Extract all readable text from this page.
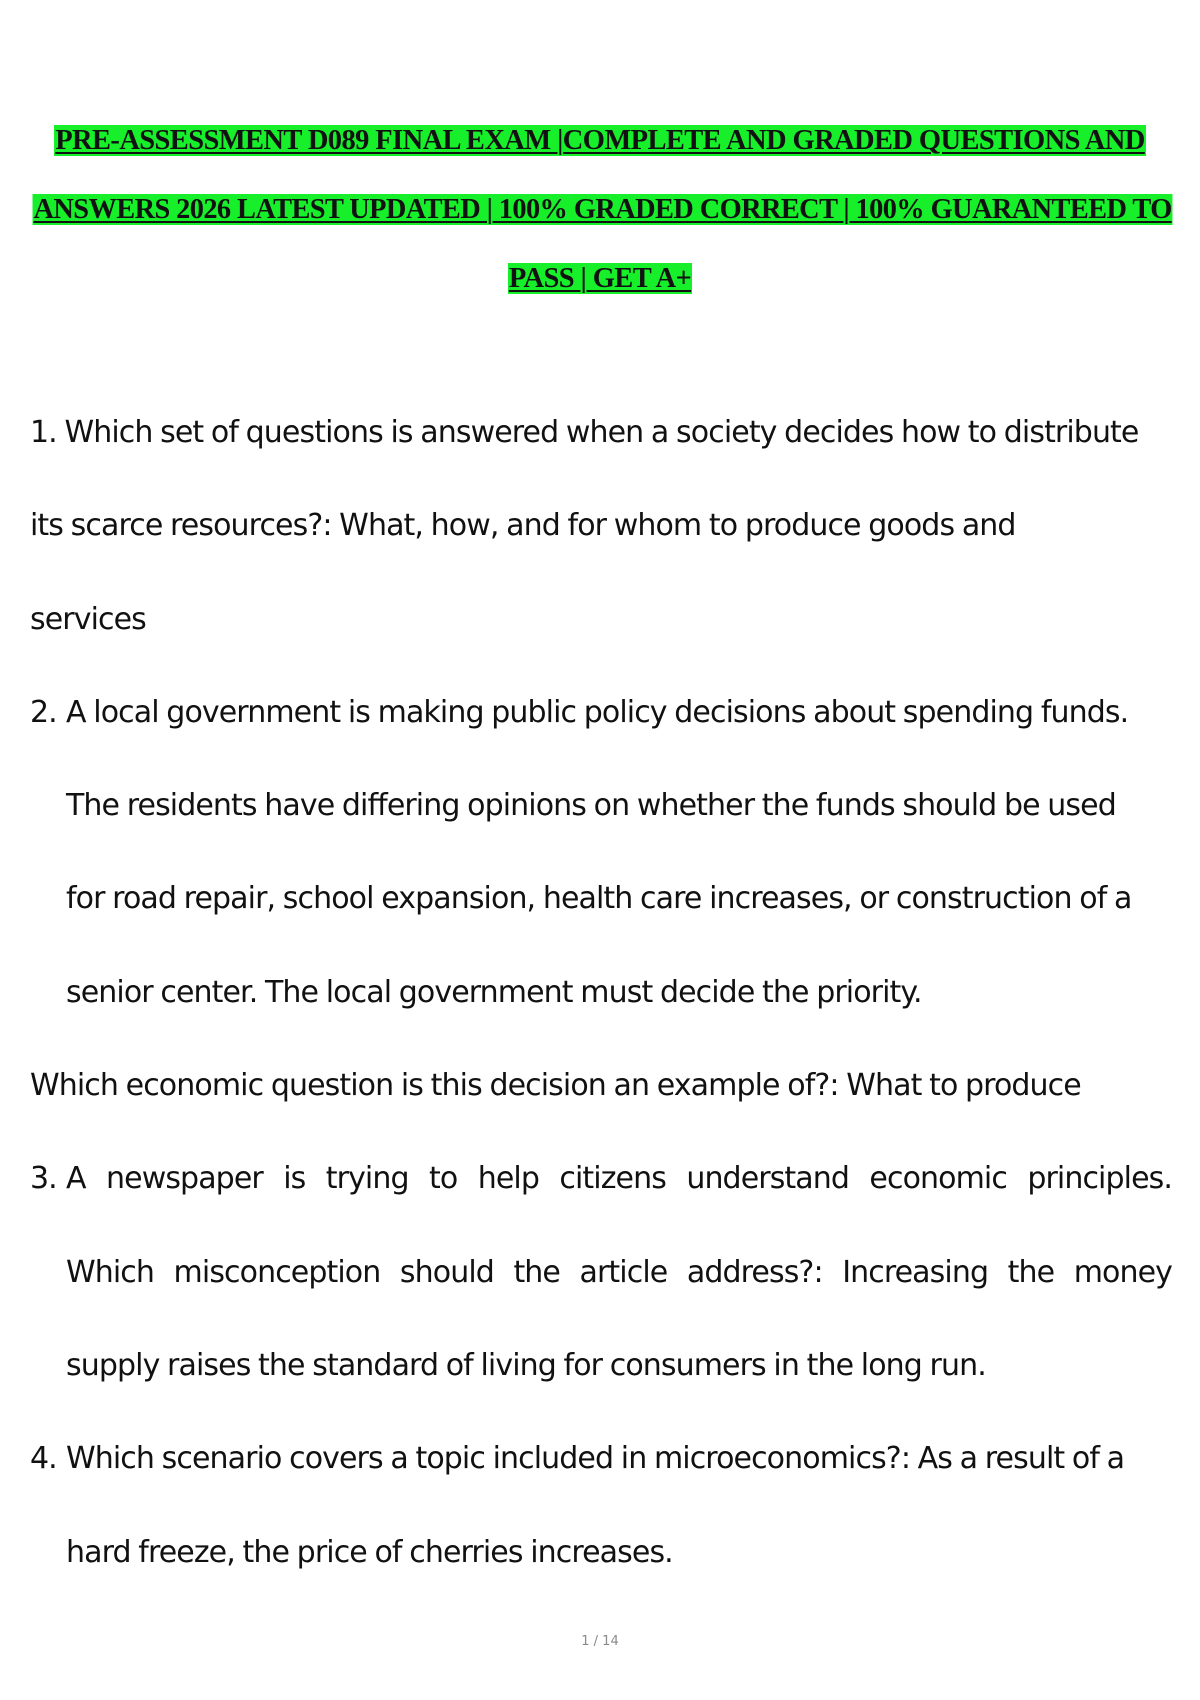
PRE-ASSESSMENT D089 FINAL EXAM |COMPLETE AND GRADED QUESTIONS AND
ANSWERS 2026 LATEST UPDATED | 100% GRADED CORRECT | 100% GUARANTEED TO
PASS | GET A+
1. Which set of questions is answered when a society decides how to distribute
its scarce resources?: What, how, and for whom to produce goods and
services
2. A local government is making public policy decisions about spending funds.
The residents have differing opinions on whether the funds should be used
for road repair, school expansion, health care increases, or construction of a
senior center. The local government must decide the priority.
Which economic question is this decision an example of?: What to produce
3. A newspaper is trying to help citizens understand economic principles.
Which misconception should the article address?: Increasing the money
supply raises the standard of living for consumers in the long run.
4. Which scenario covers a topic included in microeconomics?: As a result of a
hard freeze, the price of cherries increases.
1 / 14
